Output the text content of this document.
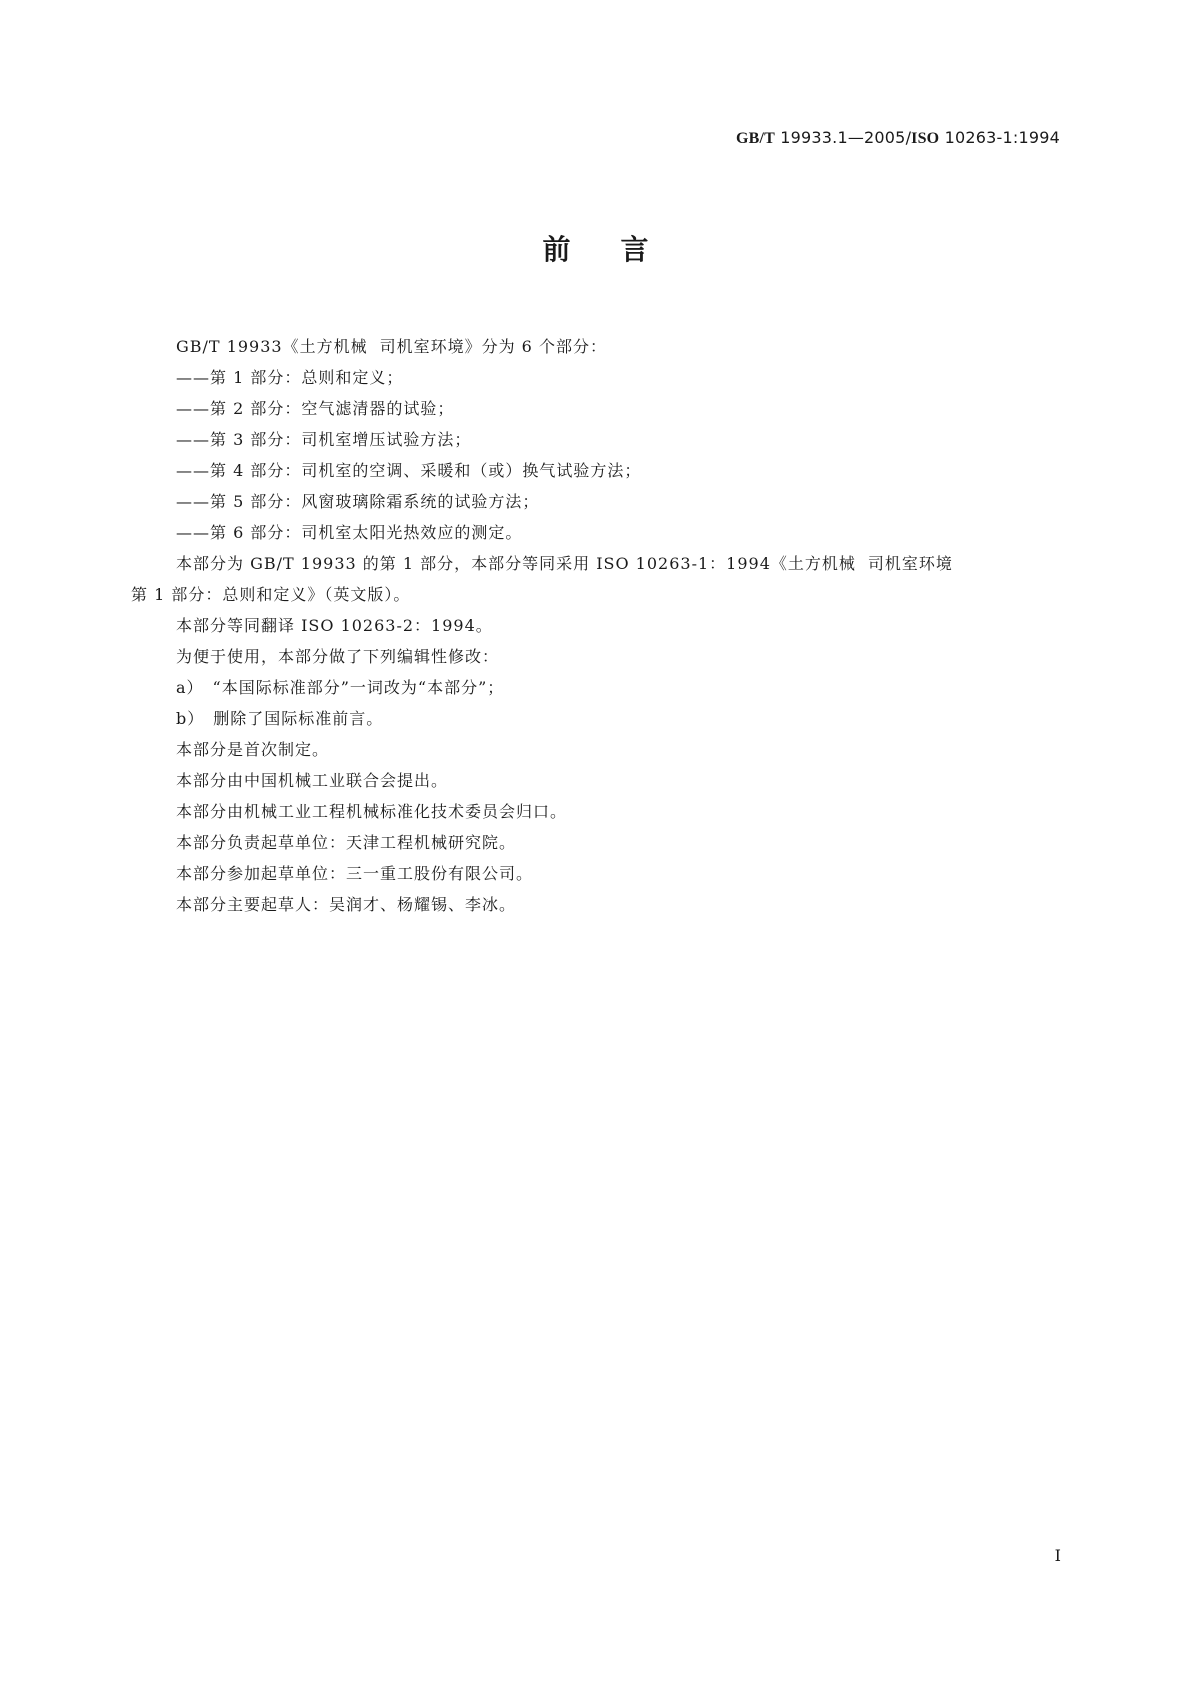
GB/T 19933.1—2005/ISO 10263-1:1994
前言
GB/T 19933《土方机械 司机室环境》分为 6 个部分：
——第 1 部分：总则和定义；
——第 2 部分：空气滤清器的试验；
——第 3 部分：司机室增压试验方法；
——第 4 部分：司机室的空调、采暖和（或）换气试验方法；
——第 5 部分：风窗玻璃除霜系统的试验方法；
——第 6 部分：司机室太阳光热效应的测定。
本部分为 GB/T 19933 的第 1 部分，本部分等同采用 ISO 10263-1：1994《土方机械 司机室环境
第 1 部分：总则和定义》（英文版）。
本部分等同翻译 ISO 10263-2：1994。
为便于使用，本部分做了下列编辑性修改：
a）　“本国际标准部分”一词改为“本部分”；
b）　删除了国际标准前言。
本部分是首次制定。
本部分由中国机械工业联合会提出。
本部分由机械工业工程机械标准化技术委员会归口。
本部分负责起草单位：天津工程机械研究院。
本部分参加起草单位：三一重工股份有限公司。
本部分主要起草人：吴润才、杨耀锡、李冰。
I
